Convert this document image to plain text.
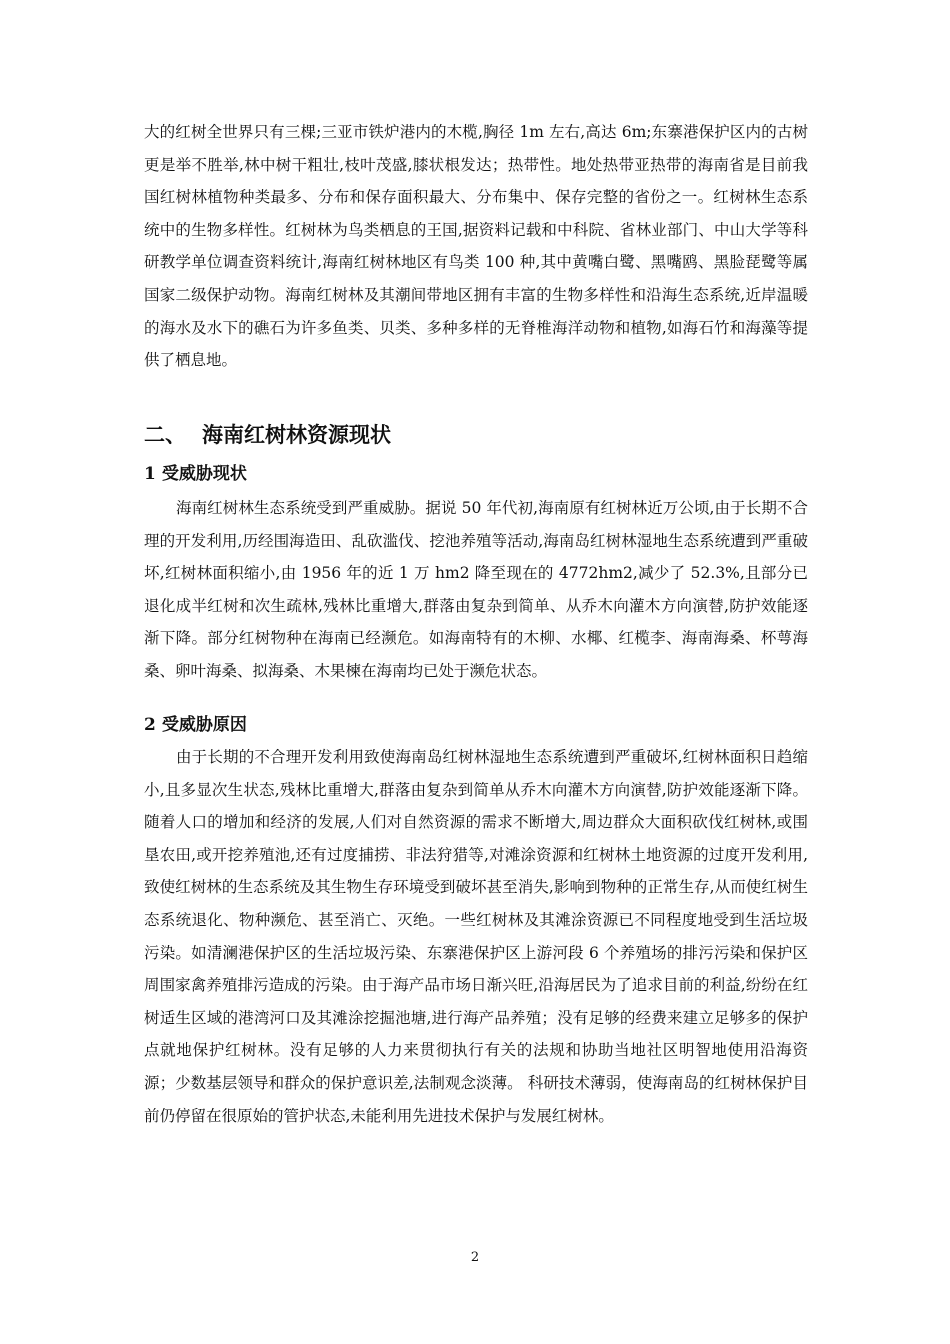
大的红树全世界只有三棵;三亚市铁炉港内的木榄,胸径 1m 左右,高达 6m;东寨港保护区内的古树更是举不胜举,林中树干粗壮,枝叶茂盛,膝状根发达；热带性。地处热带亚热带的海南省是目前我国红树林植物种类最多、分布和保存面积最大、分布集中、保存完整的省份之一。红树林生态系统中的生物多样性。红树林为鸟类栖息的王国,据资料记载和中科院、省林业部门、中山大学等科研教学单位调查资料统计,海南红树林地区有鸟类 100 种,其中黄嘴白鹭、黑嘴鸥、黑脸琵鹭等属国家二级保护动物。海南红树林及其潮间带地区拥有丰富的生物多样性和沿海生态系统,近岸温暖的海水及水下的礁石为许多鱼类、贝类、多种多样的无脊椎海洋动物和植物,如海石竹和海藻等提供了栖息地。

二、 海南红树林资源现状
1 受威胁现状

海南红树林生态系统受到严重威胁。据说 50 年代初,海南原有红树林近万公顷,由于长期不合理的开发利用,历经围海造田、乱砍滥伐、挖池养殖等活动,海南岛红树林湿地生态系统遭到严重破坏,红树林面积缩小,由 1956 年的近 1 万 hm2 降至现在的 4772hm2,减少了 52.3%,且部分已退化成半红树和次生疏林,残林比重增大,群落由复杂到简单、从乔木向灌木方向演替,防护效能逐渐下降。部分红树物种在海南已经濒危。如海南特有的木柳、水椰、红榄李、海南海桑、杯萼海桑、卵叶海桑、拟海桑、木果楝在海南均已处于濒危状态。

2 受威胁原因

由于长期的不合理开发利用致使海南岛红树林湿地生态系统遭到严重破坏,红树林面积日趋缩小,且多显次生状态,残林比重增大,群落由复杂到简单从乔木向灌木方向演替,防护效能逐渐下降。随着人口的增加和经济的发展,人们对自然资源的需求不断增大,周边群众大面积砍伐红树林,或围垦农田,或开挖养殖池,还有过度捕捞、非法狩猎等,对滩涂资源和红树林土地资源的过度开发利用,致使红树林的生态系统及其生物生存环境受到破坏甚至消失,影响到物种的正常生存,从而使红树生态系统退化、物种濒危、甚至消亡、灭绝。一些红树林及其滩涂资源已不同程度地受到生活垃圾污染。如清澜港保护区的生活垃圾污染、东寨港保护区上游河段 6 个养殖场的排污污染和保护区周围家禽养殖排污造成的污染。由于海产品市场日渐兴旺,沿海居民为了追求目前的利益,纷纷在红树适生区域的港湾河口及其滩涂挖掘池塘,进行海产品养殖；没有足够的经费来建立足够多的保护点就地保护红树林。没有足够的人力来贯彻执行有关的法规和协助当地社区明智地使用沿海资源；少数基层领导和群众的保护意识差,法制观念淡薄。 科研技术薄弱，使海南岛的红树林保护目前仍停留在很原始的管护状态,未能利用先进技术保护与发展红树林。

2
